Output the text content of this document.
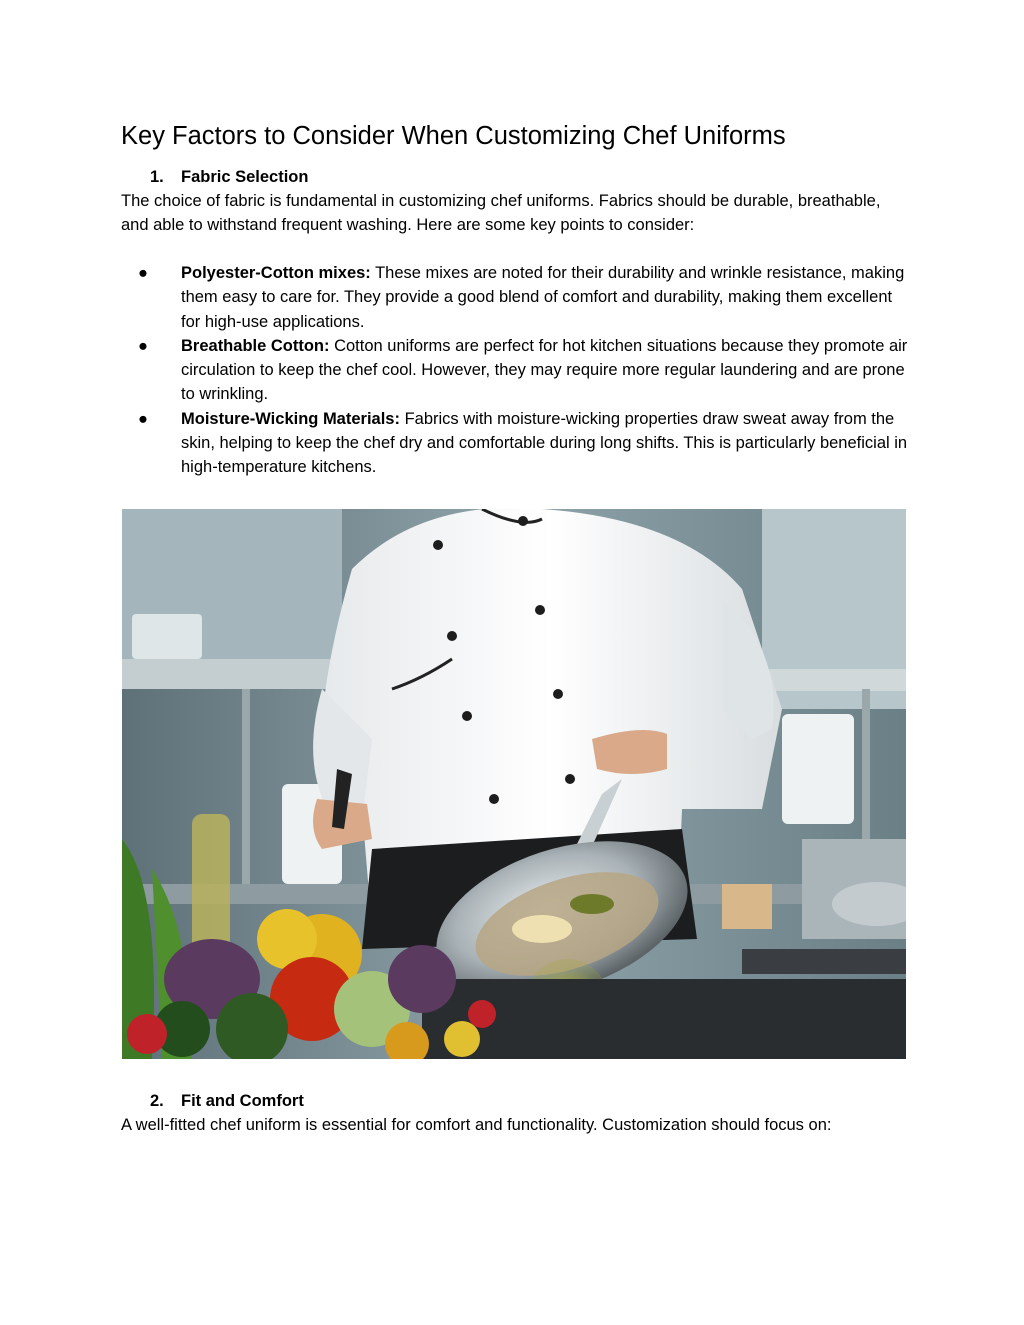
Key Factors to Consider When Customizing Chef Uniforms
1. Fabric Selection

The choice of fabric is fundamental in customizing chef uniforms. Fabrics should be durable, breathable, and able to withstand frequent washing. Here are some key points to consider:

● Polyester-Cotton mixes: These mixes are noted for their durability and wrinkle resistance, making them easy to care for. They provide a good blend of comfort and durability, making them excellent for high-use applications.
● Breathable Cotton: Cotton uniforms are perfect for hot kitchen situations because they promote air circulation to keep the chef cool. However, they may require more regular laundering and are prone to wrinkling.
● Moisture-Wicking Materials: Fabrics with moisture-wicking properties draw sweat away from the skin, helping to keep the chef dry and comfortable during long shifts. This is particularly beneficial in high-temperature kitchens.
2. Fit and Comfort

A well-fitted chef uniform is essential for comfort and functionality. Customization should focus on:
